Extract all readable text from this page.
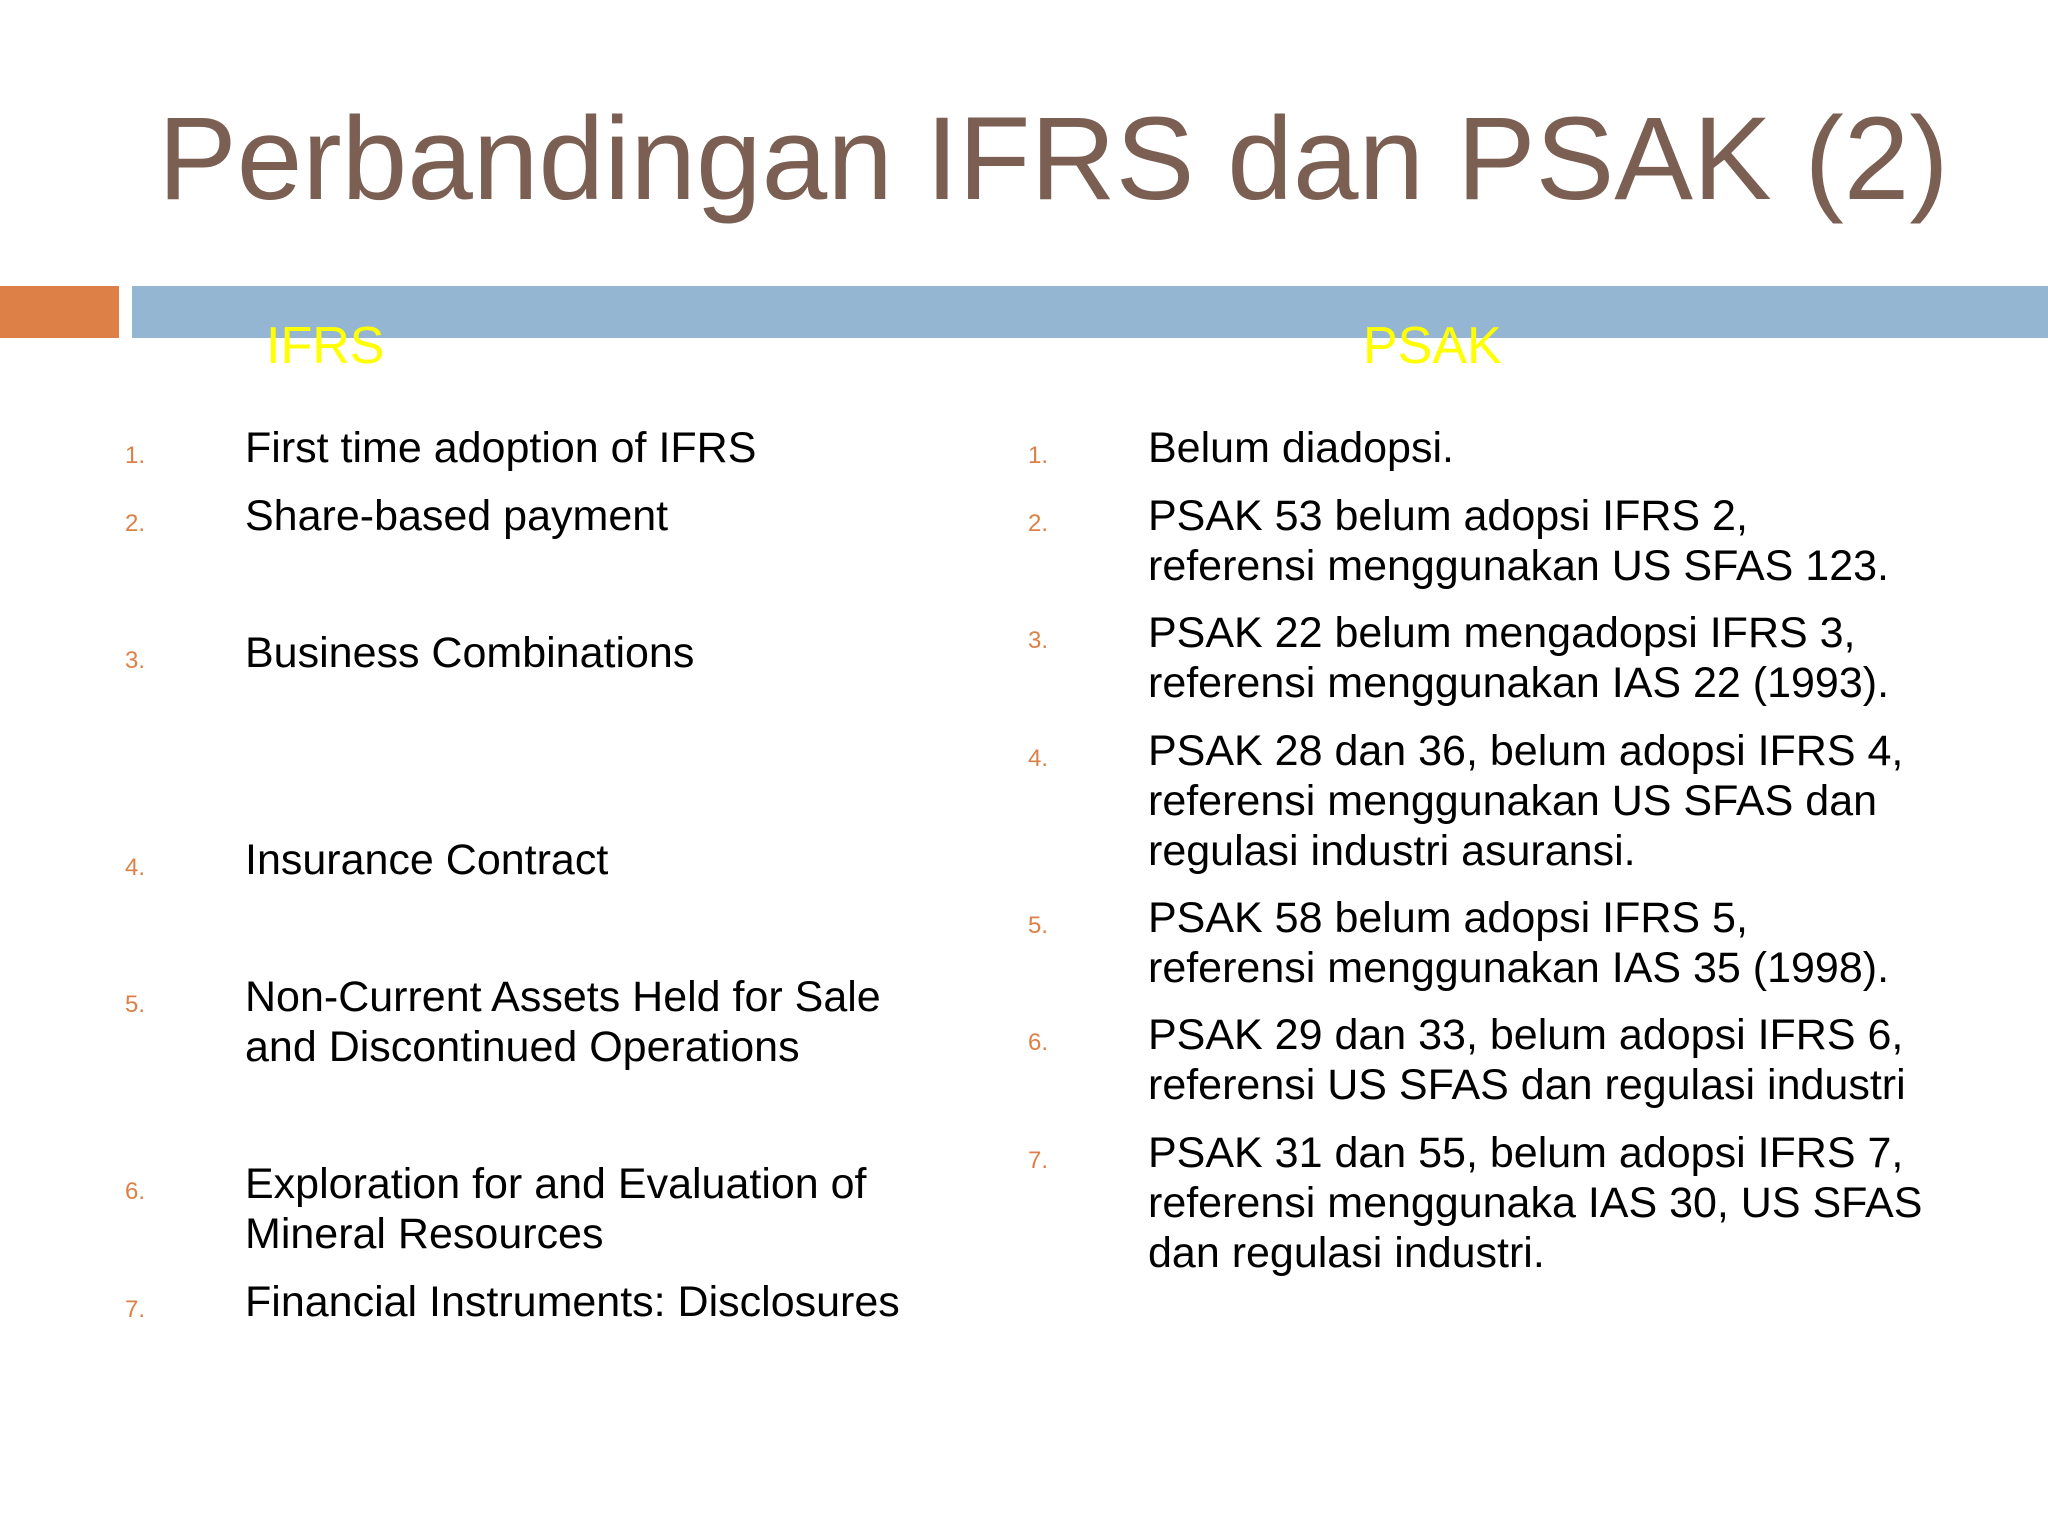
Perbandingan IFRS dan PSAK (2)
IFRS	PSAK
1. First time adoption of IFRS
2. Share-based payment
3. Business Combinations
4. Insurance Contract
5. Non-Current Assets Held for Sale
and Discontinued Operations
6. Exploration for and Evaluation of
Mineral Resources
7. Financial Instruments: Disclosures
1. Belum diadopsi.
2. PSAK 53 belum adopsi IFRS 2,
referensi menggunakan US SFAS 123.
3. PSAK 22 belum mengadopsi IFRS 3,
referensi menggunakan IAS 22 (1993).
4. PSAK 28 dan 36, belum adopsi IFRS 4,
referensi menggunakan US SFAS dan
regulasi industri asuransi.
5. PSAK 58 belum adopsi IFRS 5,
referensi menggunakan IAS 35 (1998).
6. PSAK 29 dan 33, belum adopsi IFRS 6,
referensi US SFAS dan regulasi industri
7. PSAK 31 dan 55, belum adopsi IFRS 7,
referensi menggunaka IAS 30, US SFAS
dan regulasi industri.
